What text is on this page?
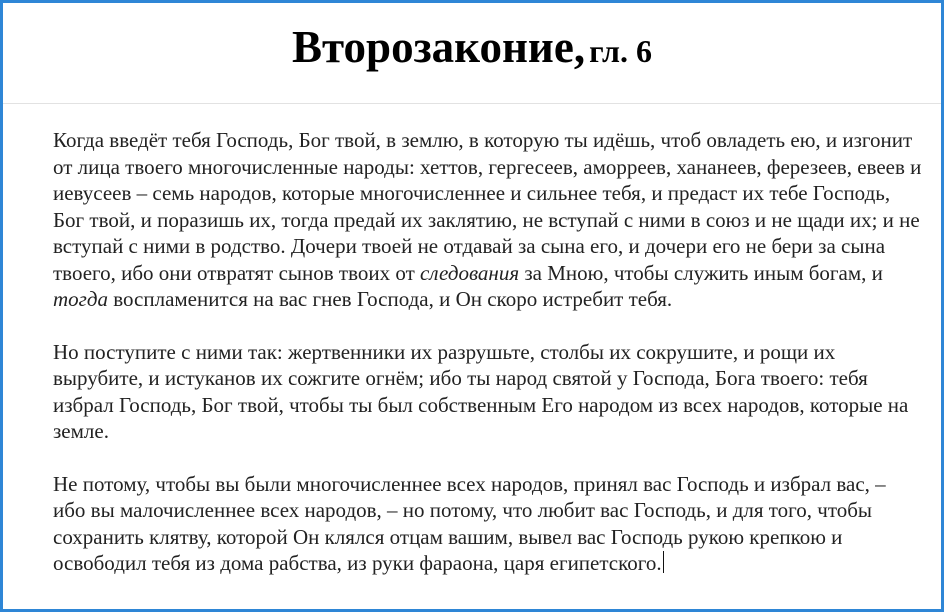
Второзаконие, гл. 6

Когда введёт тебя Господь, Бог твой, в землю, в которую ты идёшь, чтоб овладеть ею, и изгонит от лица твоего многочисленные народы: хеттов, гергесеев, аморреев, хананеев, ферезеев, евеев и иевусеев – семь народов, которые многочисленнее и сильнее тебя, и предаст их тебе Господь, Бог твой, и поразишь их, тогда предай их заклятию, не вступай с ними в союз и не щади их; и не вступай с ними в родство. Дочери твоей не отдавай за сына его, и дочери его не бери за сына твоего, ибо они отвратят сынов твоих от следования за Мною, чтобы служить иным богам, и тогда воспламенится на вас гнев Господа, и Он скоро истребит тебя.

Но поступите с ними так: жертвенники их разрушьте, столбы их сокрушите, и рощи их вырубите, и истуканов их сожгите огнём; ибо ты народ святой у Господа, Бога твоего: тебя избрал Господь, Бог твой, чтобы ты был собственным Его народом из всех народов, которые на земле.

Не потому, чтобы вы были многочисленнее всех народов, принял вас Господь и избрал вас, – ибо вы малочисленнее всех народов, – но потому, что любит вас Господь, и для того, чтобы сохранить клятву, которой Он клялся отцам вашим, вывел вас Господь рукою крепкою и освободил тебя из дома рабства, из руки фараона, царя египетского.
